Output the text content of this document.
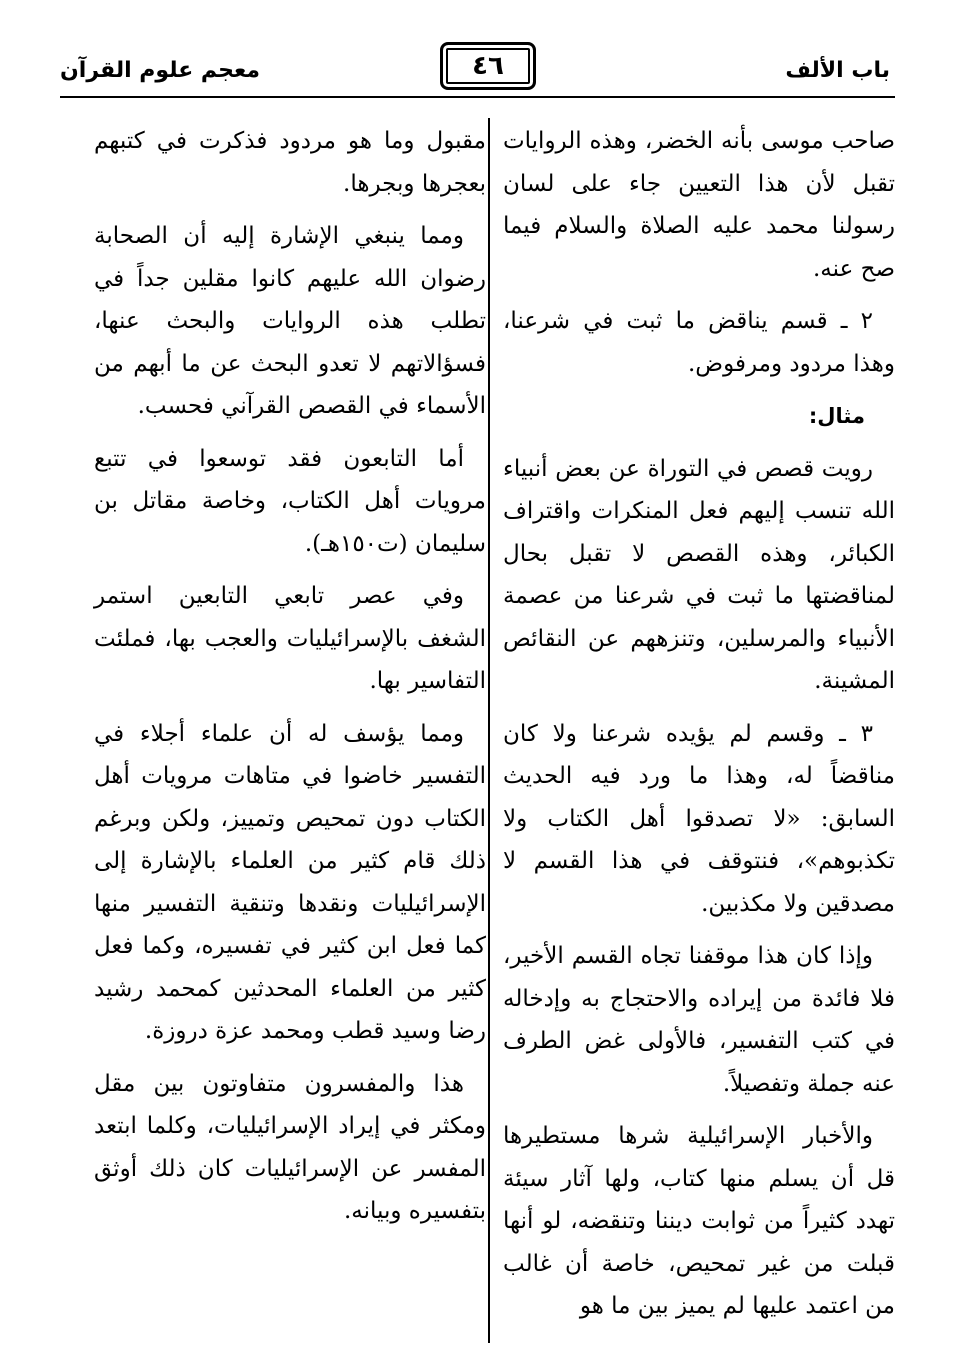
باب الألف
٤٦
معجم علوم القرآن

صاحب موسى بأنه الخضر، وهذه الروايات تقبل لأن هذا التعيين جاء على لسان رسولنا محمد عليه الصلاة والسلام فيما صح عنه.

٢ ـ قسم يناقض ما ثبت في شرعنا، وهذا مردود ومرفوض.

مثال:

رويت قصص في التوراة عن بعض أنبياء الله تنسب إليهم فعل المنكرات واقتراف الكبائر، وهذه القصص لا تقبل بحال لمناقضتها ما ثبت في شرعنا من عصمة الأنبياء والمرسلين، وتنزههم عن النقائص المشينة.

٣ ـ وقسم لم يؤيده شرعنا ولا كان مناقضاً له، وهذا ما ورد فيه الحديث السابق: «لا تصدقوا أهل الكتاب ولا تكذبوهم»، فنتوقف في هذا القسم لا مصدقين ولا مكذبين.

وإذا كان هذا موقفنا تجاه القسم الأخير، فلا فائدة من إيراده والاحتجاج به وإدخاله في كتب التفسير، فالأولى غض الطرف عنه جملة وتفصيلاً.

والأخبار الإسرائيلية شرها مستطيرها قل أن يسلم منها كتاب، ولها آثار سيئة تهدد كثيراً من ثوابت ديننا وتنقضه، لو أنها قبلت من غير تمحيص، خاصة أن غالب من اعتمد عليها لم يميز بين ما هو

مقبول وما هو مردود فذكرت في كتبهم بعجرها وبجرها.

ومما ينبغي الإشارة إليه أن الصحابة رضوان الله عليهم كانوا مقلين جداً في تطلب هذه الروايات والبحث عنها، فسؤالاتهم لا تعدو البحث عن ما أبهم من الأسماء في القصص القرآني فحسب.

أما التابعون فقد توسعوا في تتبع مرويات أهل الكتاب، وخاصة مقاتل بن سليمان (ت١٥٠هـ).

وفي عصر تابعي التابعين استمر الشغف بالإسرائيليات والعجب بها، فملئت التفاسير بها.

ومما يؤسف له أن علماء أجلاء في التفسير خاضوا في متاهات مرويات أهل الكتاب دون تمحيص وتمييز، ولكن وبرغم ذلك قام كثير من العلماء بالإشارة إلى الإسرائيليات ونقدها وتنقية التفسير منها كما فعل ابن كثير في تفسيره، وكما فعل كثير من العلماء المحدثين كمحمد رشيد رضا وسيد قطب ومحمد عزة دروزة.

هذا والمفسرون متفاوتون بين مقل ومكثر في إيراد الإسرائيليات، وكلما ابتعد المفسر عن الإسرائيليات كان ذلك أوثق بتفسيره وبيانه.
